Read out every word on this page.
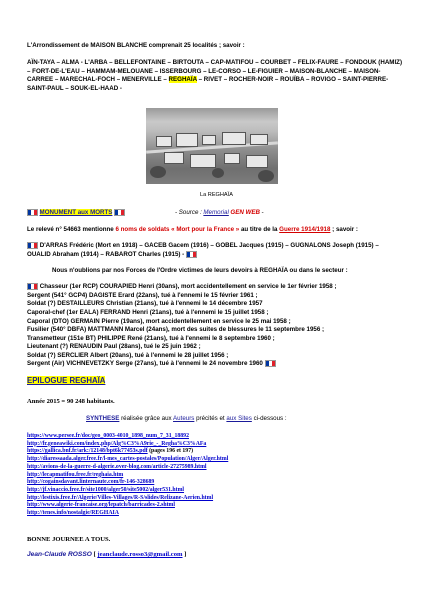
L'Arrondissement de MAISON BLANCHE comprenait 25 localités ; savoir :
AÏN-TAYA – ALMA - L'ARBA – BELLEFONTAINE – BIRTOUTA – CAP-MATIFOU – COURBET – FELIX-FAURE – FONDOUK (HAMIZ) – FORT-DE-L'EAU – HAMMAM-MELOUANE – ISSERBOURG – LE-CORSO – LE-FIGUIER – MAISON-BLANCHE – MAISON-CARREE – MARECHAL-FOCH – MENERVILLE – REGHAÏA – RIVET – ROCHER-NOIR – ROUÏBA – ROVIGO – SAINT-PIERRE-SAINT-PAUL – SOUK-EL-HAAD -
La REGHAÏA
MONUMENT aux MORTS	- Source : Memorial GEN WEB -
Le relevé n° 54663 mentionne 6 noms de soldats « Mort pour la France » au titre de la Guerre 1914/1918 ; savoir :
D'ARRAS Frédéric (Mort en 1918) – GACEB Gacem (1916) – GOBEL Jacques (1915) – GUGNALONS Joseph (1915) – OUALID Abraham (1914) – RABAROT Charles (1915) -
Nous n'oublions par nos Forces de l'Ordre victimes de leurs devoirs à REGHAÏA ou dans le secteur :
Chasseur (1er RCP) COURAPIED Henri (30ans), mort accidentellement en service le 1er février 1958 ;
Sergent (541° GCP4) DAGISTE Erard (22ans), tué à l'ennemi le 15 février 1961 ;
Soldat (?) DESTAILLEURS Christian (21ans), tué à l'ennemi le 14 décembre 1957
Caporal-chef (1er EALA) FERRAND Henri (21ans), tué à l'ennemi le 15 juillet 1958 ;
Caporal (DTO) GERMAIN Pierre (19ans), mort accidentellement en service le 25 mai 1958 ;
Fusilier (540° DBFA) MATTMANN Marcel (24ans), mort des suites de blessures le 11 septembre 1956 ;
Transmetteur (151e BT) PHILIPPE René (21ans), tué à l'ennemi le 8 septembre 1960 ;
Lieutenant (?) RENAUDIN Paul (28ans), tué le 25 juin 1962 ;
Soldat (?) SERCLIER Albert (20ans), tué à l'ennemi le 28 juillet 1956 ;
Sergent (Air) VICHNEVETZKY Serge (27ans), tué à l'ennemi le 24 novembre 1960
EPILOGUE REGHAÏA
Année 2015 = 90 248 habitants.
SYNTHESE réalisée grâce aux Auteurs précités et aux Sites ci-dessous :
https://www.persee.fr/doc/geo_0003-4010_1898_num_7_31_18892
http://fr.geneawiki.com/index.php/Alg%C3%A9rie_-_Regha%C3%AFa
https://gallica.bnf.fr/ark:/12148/bpt6k77453s.pdf (pages 196 et 197)
http://diaressaada.alger.free.fr/l-mes_cartes-postales/Population/Alger/Alger.html
http://avions-de-la-guerre-d-algerie.over-blog.com/article-27275989.html
http://lecapmatifou.free.fr/reghaia.htm
http://cogainsdavant.linternaute.com/fr-146-328689
http://jf.vinaccio.free.fr/site1000/alger50/site5002/alger531.html
http://lestixis.free.fr/Algerie/Villes-Villages/R-S/slides/Relizane-Aerien.html
http://www.algerie-francaise.org/lepatch/barricades-2.shtml
http://tenes.info/nostalgie/REGHAIA
BONNE JOURNEE A TOUS.
Jean-Claude ROSSO [ jeanclaude.rosso3@gmail.com ]
